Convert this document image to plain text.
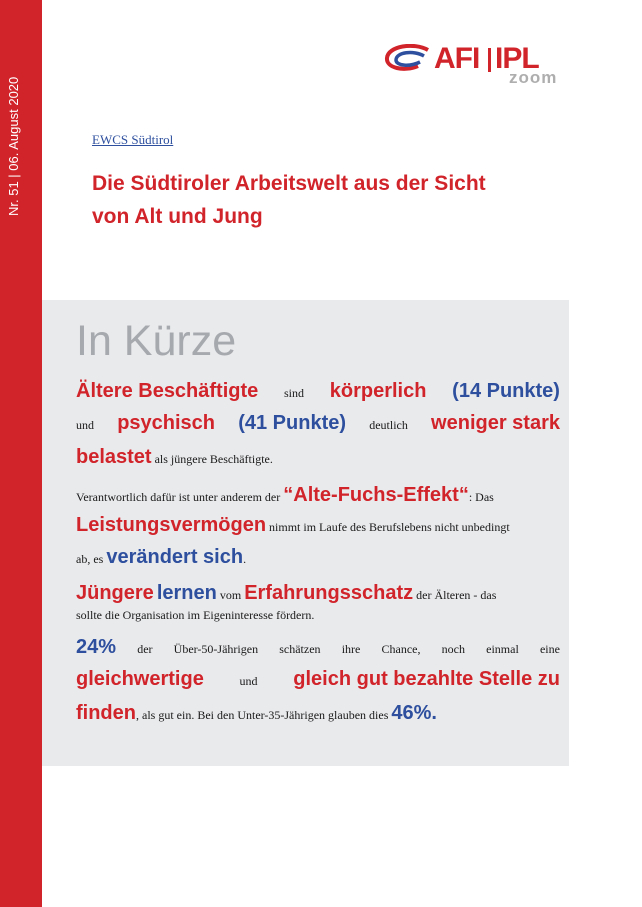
Nr. 51 | 06. August 2020
AFI IPL
zoom
EWCS Südtirol
Die Südtiroler Arbeitswelt aus der Sicht
von Alt und Jung
In Kürze
Ältere Beschäftigte sind körperlich (14 Punkte)
und psychisch (41 Punkte) deutlich weniger stark
belastet als jüngere Beschäftigte.
Verantwortlich dafür ist unter anderem der “Alte-Fuchs-Effekt“: Das
Leistungsvermögen nimmt im Laufe des Berufslebens nicht unbedingt
ab, es verändert sich.
Jüngere lernen vom Erfahrungsschatz der Älteren - das
sollte die Organisation im Eigeninteresse fördern.
24% der Über-50-Jährigen schätzen ihre Chance, noch einmal eine
gleichwertige	und gleich gut bezahlte Stelle zu
finden, als gut ein. Bei den Unter-35-Jährigen glauben dies 46%.
